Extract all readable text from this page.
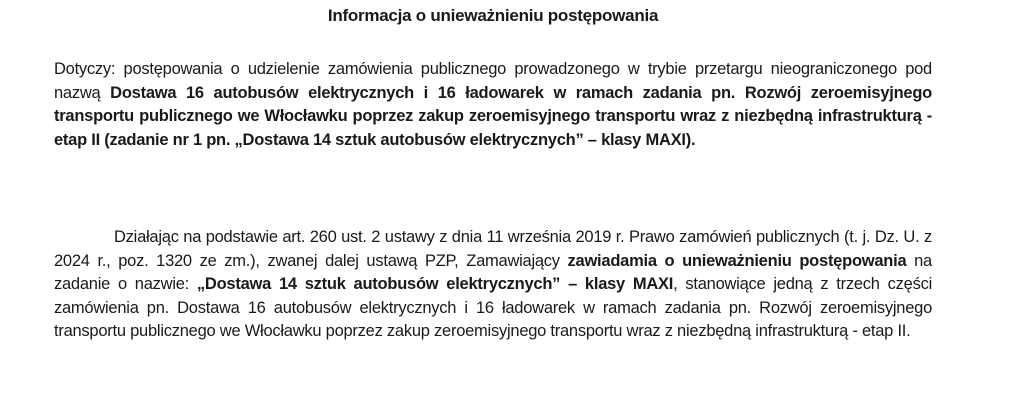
Informacja o unieważnieniu postępowania

Dotyczy: postępowania o udzielenie zamówienia publicznego prowadzonego w trybie przetargu nieograniczonego pod nazwą Dostawa 16 autobusów elektrycznych i 16 ładowarek w ramach zadania pn. Rozwój zeroemisyjnego transportu publicznego we Włocławku poprzez zakup zeroemisyjnego transportu wraz z niezbędną infrastrukturą - etap II (zadanie nr 1 pn. „Dostawa 14 sztuk autobusów elektrycznych” – klasy MAXI).

Działając na podstawie art. 260 ust. 2 ustawy z dnia 11 września 2019 r. Prawo zamówień publicznych (t. j. Dz. U. z 2024 r., poz. 1320 ze zm.), zwanej dalej ustawą PZP, Zamawiający zawiadamia o unieważnieniu postępowania na zadanie o nazwie: „Dostawa 14 sztuk autobusów elektrycznych” – klasy MAXI, stanowiące jedną z trzech części zamówienia pn. Dostawa 16 autobusów elektrycznych i 16 ładowarek w ramach zadania pn. Rozwój zeroemisyjnego transportu publicznego we Włocławku poprzez zakup zeroemisyjnego transportu wraz z niezbędną infrastrukturą - etap II.
